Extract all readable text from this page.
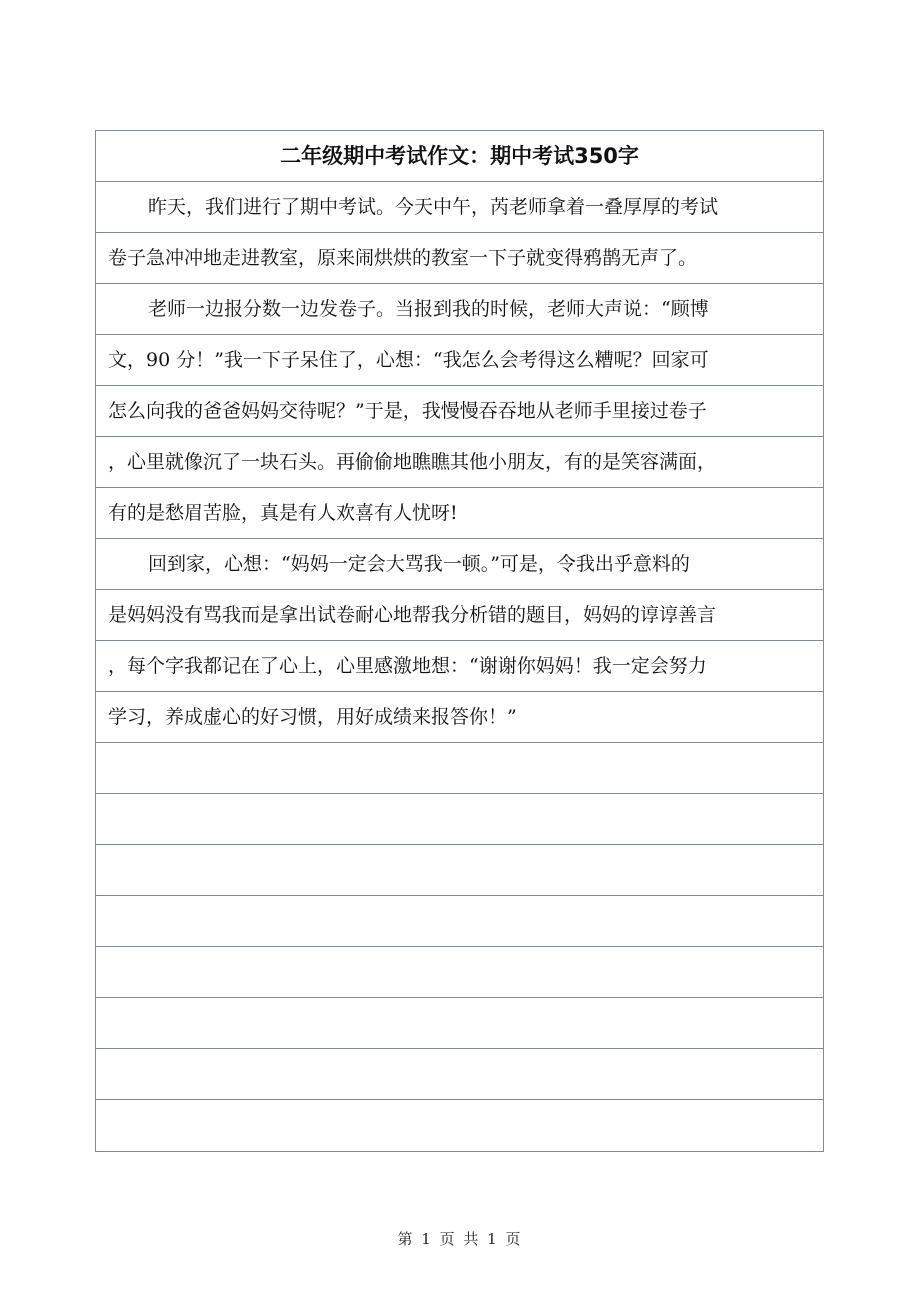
二年级期中考试作文：期中考试350字
昨天，我们进行了期中考试。今天中午，芮老师拿着一叠厚厚的考试
卷子急冲冲地走进教室，原来闹烘烘的教室一下子就变得鸦鹊无声了。
老师一边报分数一边发卷子。当报到我的时候，老师大声说：“顾博
文，90 分！”我一下子呆住了，心想：“我怎么会考得这么糟呢？回家可
怎么向我的爸爸妈妈交待呢？”于是，我慢慢吞吞地从老师手里接过卷子
，心里就像沉了一块石头。再偷偷地瞧瞧其他小朋友，有的是笑容满面，
有的是愁眉苦脸，真是有人欢喜有人忧呀!
回到家，心想：“妈妈一定会大骂我一顿。”可是，令我出乎意料的
是妈妈没有骂我而是拿出试卷耐心地帮我分析错的题目，妈妈的谆谆善言
，每个字我都记在了心上，心里感激地想：“谢谢你妈妈！我一定会努力
学习，养成虚心的好习惯，用好成绩来报答你！”
第 1 页 共 1 页
